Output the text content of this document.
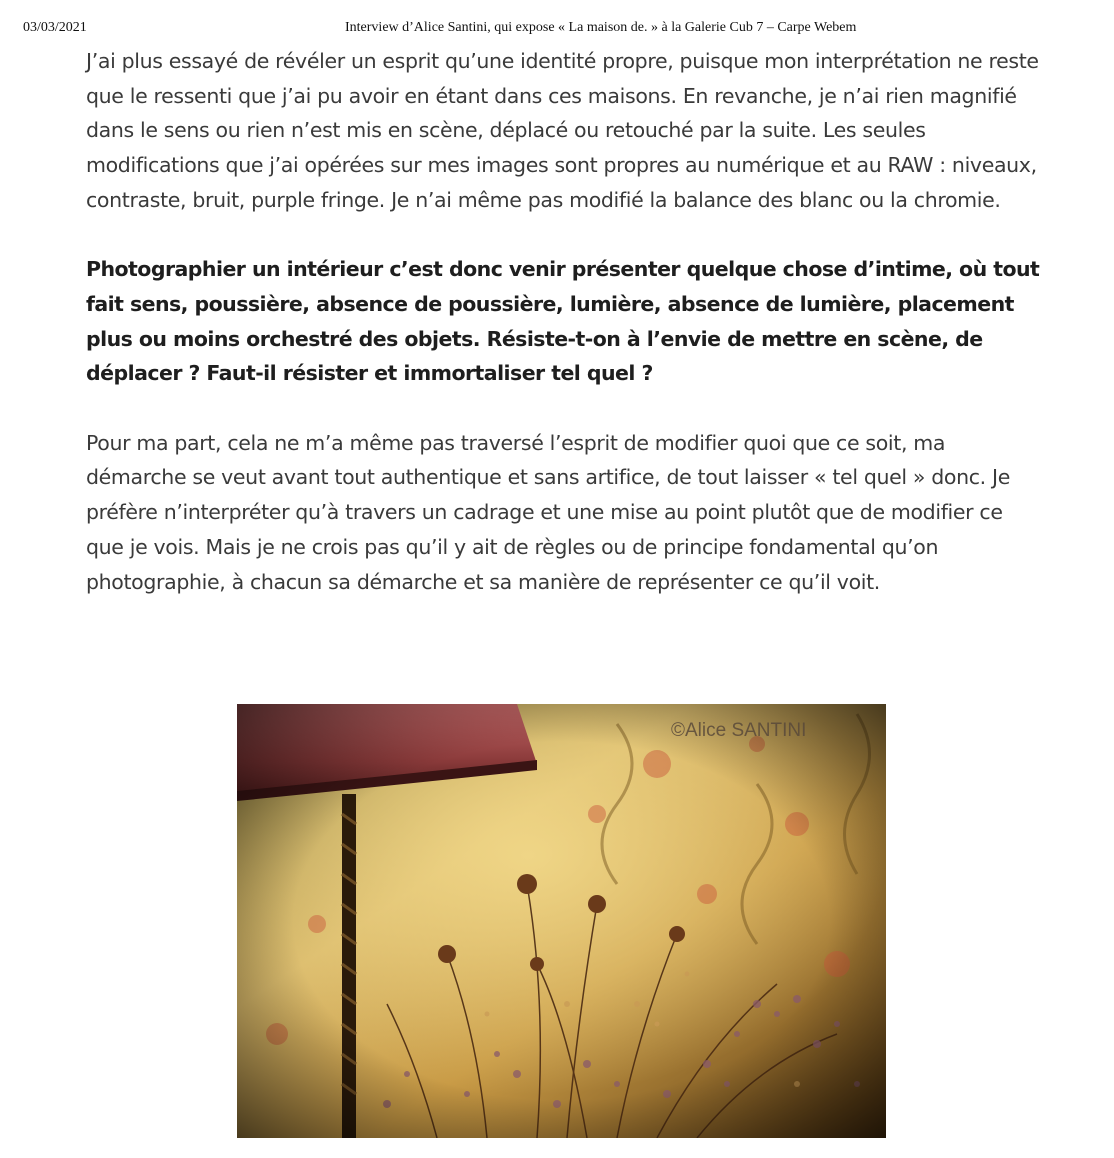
03/03/2021	Interview d’Alice Santini, qui expose « La maison de. » à la Galerie Cub 7 – Carpe Webem

J’ai plus essayé de révéler un esprit qu’une identité propre, puisque mon interprétation ne reste que le ressenti que j’ai pu avoir en étant dans ces maisons. En revanche, je n’ai rien magnifié dans le sens ou rien n’est mis en scène, déplacé ou retouché par la suite. Les seules modifications que j’ai opérées sur mes images sont propres au numérique et au RAW : niveaux, contraste, bruit, purple fringe. Je n’ai même pas modifié la balance des blanc ou la chromie.

Photographier un intérieur c’est donc venir présenter quelque chose d’intime, où tout fait sens, poussière, absence de poussière, lumière, absence de lumière, placement plus ou moins orchestré des objets. Résiste-t-on à l’envie de mettre en scène, de déplacer ? Faut-il résister et immortaliser tel quel ?

Pour ma part, cela ne m’a même pas traversé l’esprit de modifier quoi que ce soit, ma démarche se veut avant tout authentique et sans artifice, de tout laisser « tel quel » donc. Je préfère n’interpréter qu’à travers un cadrage et une mise au point plutôt que de modifier ce que je vois. Mais je ne crois pas qu’il y ait de règles ou de principe fondamental qu’on photographie, à chacun sa démarche et sa manière de représenter ce qu’il voit.

©Alice SANTINI
